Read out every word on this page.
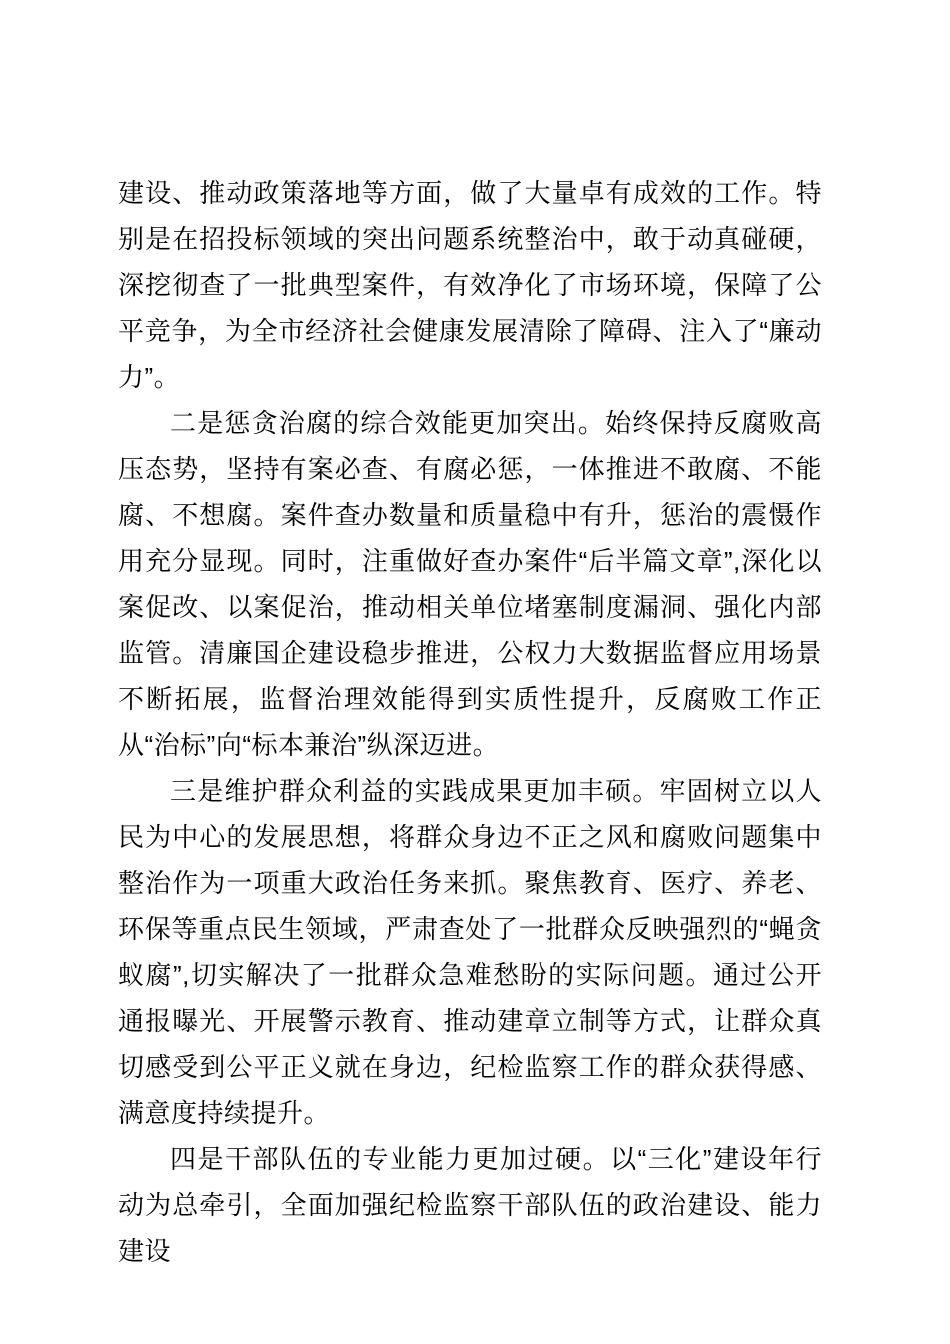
建设、推动政策落地等方面，做了大量卓有成效的工作。特别是在招投标领域的突出问题系统整治中，敢于动真碰硬，深挖彻查了一批典型案件，有效净化了市场环境，保障了公平竞争，为全市经济社会健康发展清除了障碍、注入了“廉动力”。

二是惩贪治腐的综合效能更加突出。始终保持反腐败高压态势，坚持有案必查、有腐必惩，一体推进不敢腐、不能腐、不想腐。案件查办数量和质量稳中有升，惩治的震慑作用充分显现。同时，注重做好查办案件“后半篇文章”,深化以案促改、以案促治，推动相关单位堵塞制度漏洞、强化内部监管。清廉国企建设稳步推进，公权力大数据监督应用场景不断拓展，监督治理效能得到实质性提升，反腐败工作正从“治标”向“标本兼治”纵深迈进。

三是维护群众利益的实践成果更加丰硕。牢固树立以人民为中心的发展思想，将群众身边不正之风和腐败问题集中整治作为一项重大政治任务来抓。聚焦教育、医疗、养老、环保等重点民生领域，严肃查处了一批群众反映强烈的“蝇贪蚁腐”,切实解决了一批群众急难愁盼的实际问题。通过公开通报曝光、开展警示教育、推动建章立制等方式，让群众真切感受到公平正义就在身边，纪检监察工作的群众获得感、满意度持续提升。

四是干部队伍的专业能力更加过硬。以“三化”建设年行动为总牵引，全面加强纪检监察干部队伍的政治建设、能力建设
